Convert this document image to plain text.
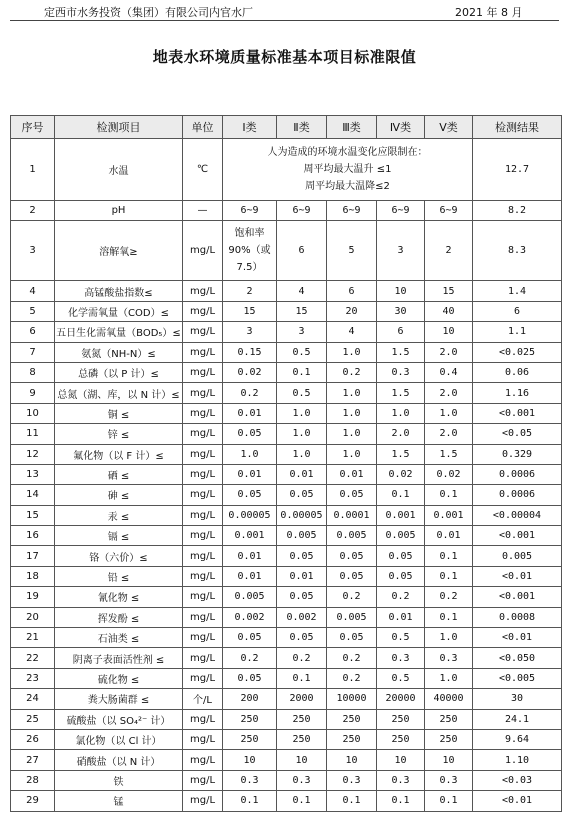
定西市水务投资（集团）有限公司内官水厂	2021 年 8 月
地表水环境质量标准基本项目标准限值
序号	检测项目	单位	Ⅰ类	Ⅱ类	Ⅲ类	Ⅳ类	Ⅴ类	检测结果
1	水温	℃	人为造成的环境水温变化应限制在：
周平均最大温升 ≤1
周平均最大温降≤2					12.7
2	pH	—	6~9	6~9	6~9	6~9	6~9	8.2
3	溶解氧≥	mg/L	饱和率90%（或7.5）	6	5	3	2	8.3
4	高锰酸盐指数≤	mg/L	2	4	6	10	15	1.4
5	化学需氧量（COD）≤	mg/L	15	15	20	30	40	6
6	五日生化需氧量（BOD₅）≤	mg/L	3	3	4	6	10	1.1
7	氨氮（NH-N）≤	mg/L	0.15	0.5	1.0	1.5	2.0	<0.025
8	总磷（以 P 计）≤	mg/L	0.02	0.1	0.2	0.3	0.4	0.06
9	总氮（湖、库，以 N 计）≤	mg/L	0.2	0.5	1.0	1.5	2.0	1.16
10	铜 ≤	mg/L	0.01	1.0	1.0	1.0	1.0	<0.001
11	锌 ≤	mg/L	0.05	1.0	1.0	2.0	2.0	<0.05
12	氟化物（以 F 计）≤	mg/L	1.0	1.0	1.0	1.5	1.5	0.329
13	硒 ≤	mg/L	0.01	0.01	0.01	0.02	0.02	0.0006
14	砷 ≤	mg/L	0.05	0.05	0.05	0.1	0.1	0.0006
15	汞 ≤	mg/L	0.00005	0.00005	0.0001	0.001	0.001	<0.00004
16	镉 ≤	mg/L	0.001	0.005	0.005	0.005	0.01	<0.001
17	铬（六价）≤	mg/L	0.01	0.05	0.05	0.05	0.1	0.005
18	铅 ≤	mg/L	0.01	0.01	0.05	0.05	0.1	<0.01
19	氰化物 ≤	mg/L	0.005	0.05	0.2	0.2	0.2	<0.001
20	挥发酚 ≤	mg/L	0.002	0.002	0.005	0.01	0.1	0.0008
21	石油类 ≤	mg/L	0.05	0.05	0.05	0.5	1.0	<0.01
22	阴离子表面活性剂 ≤	mg/L	0.2	0.2	0.2	0.3	0.3	<0.050
23	硫化物 ≤	mg/L	0.05	0.1	0.2	0.5	1.0	<0.005
24	粪大肠菌群 ≤	个/L	200	2000	10000	20000	40000	30
25	硫酸盐（以 SO₄²⁻ 计）	mg/L	250	250	250	250	250	24.1
26	氯化物（以 Cl 计）	mg/L	250	250	250	250	250	9.64
27	硝酸盐（以 N 计）	mg/L	10	10	10	10	10	1.10
28	铁	mg/L	0.3	0.3	0.3	0.3	0.3	<0.03
29	锰	mg/L	0.1	0.1	0.1	0.1	0.1	<0.01
